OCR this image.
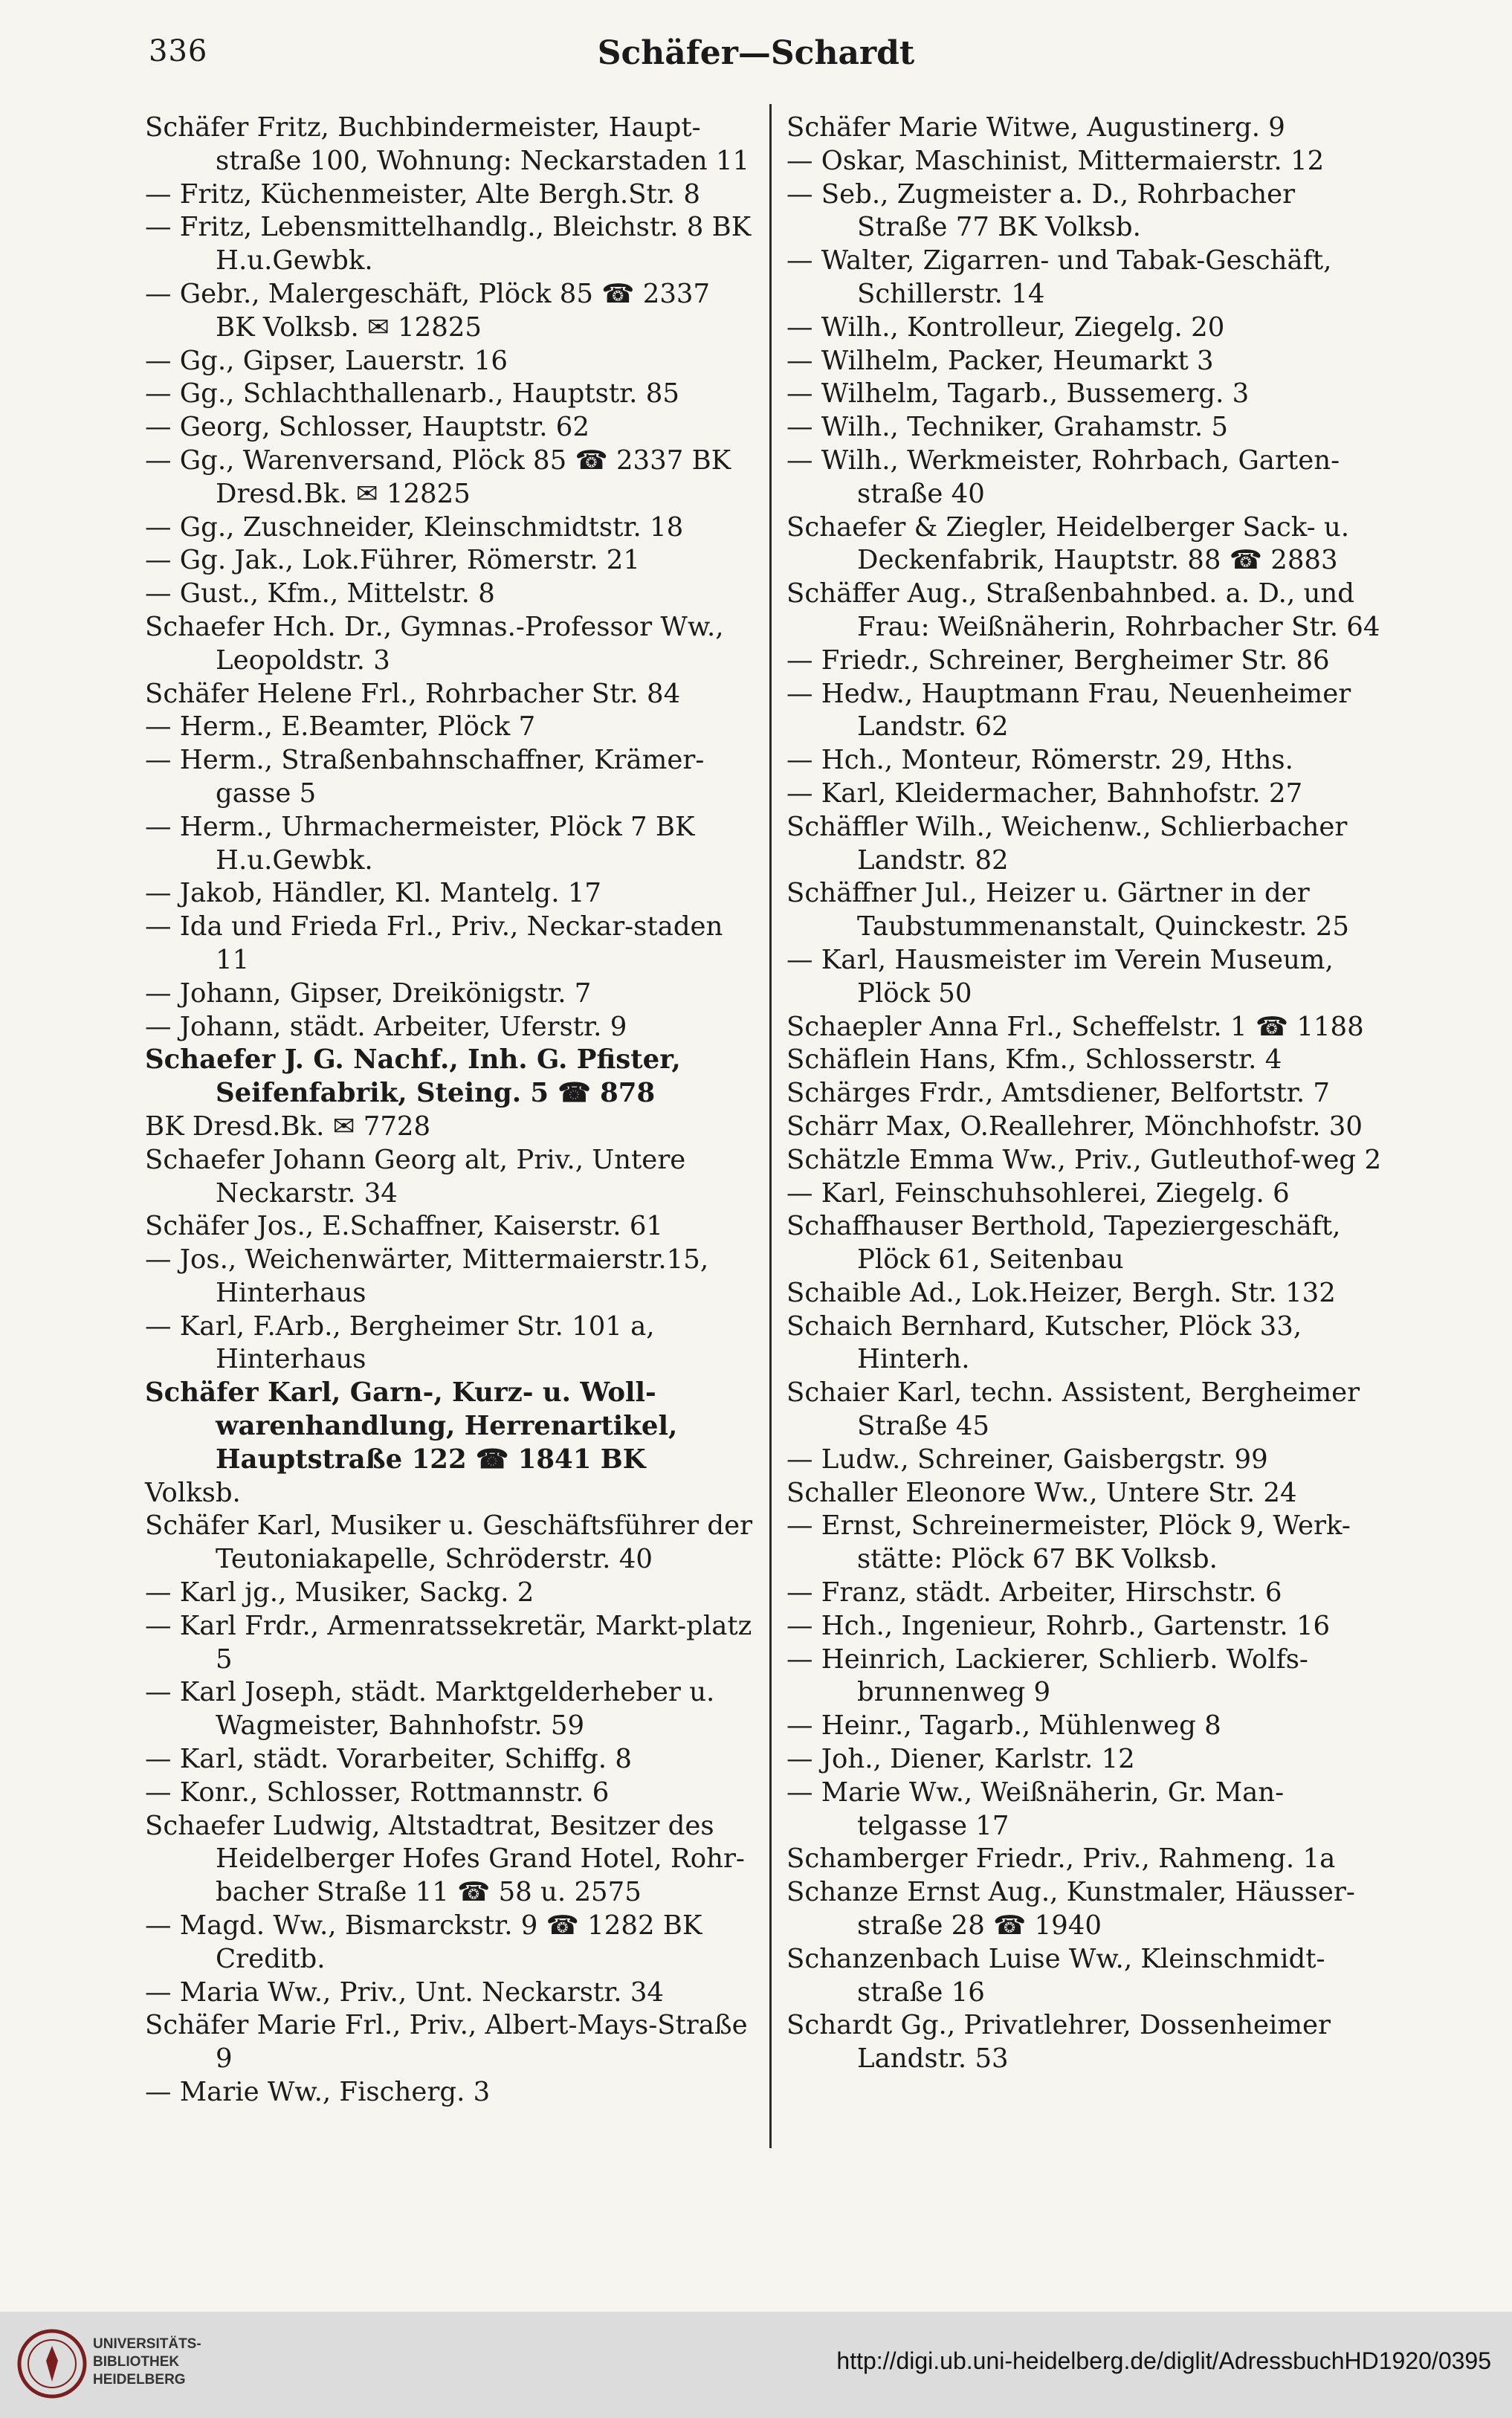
336	Schäfer—Schardt

Schäfer Fritz, Buchbindermeister, Haupt-straße 100, Wohnung: Neckarstaden 11

— Fritz, Küchenmeister, Alte Bergh.Str. 8

— Fritz, Lebensmittelhandlg., Bleichstr. 8 BK H.u.Gewbk.

— Gebr., Malergeschäft, Plöck 85 ☎ 2337 BK Volksb. ✉ 12825

— Gg., Gipser, Lauerstr. 16

— Gg., Schlachthallenarb., Hauptstr. 85

— Georg, Schlosser, Hauptstr. 62

— Gg., Warenversand, Plöck 85 ☎ 2337 BK Dresd.Bk. ✉ 12825

— Gg., Zuschneider, Kleinschmidtstr. 18

— Gg. Jak., Lok.Führer, Römerstr. 21

— Gust., Kfm., Mittelstr. 8

Schaefer Hch. Dr., Gymnas.-Professor Ww., Leopoldstr. 3

Schäfer Helene Frl., Rohrbacher Str. 84

— Herm., E.Beamter, Plöck 7

— Herm., Straßenbahnschaffner, Krämer-gasse 5

— Herm., Uhrmachermeister, Plöck 7 BK H.u.Gewbk.

— Jakob, Händler, Kl. Mantelg. 17

— Ida und Frieda Frl., Priv., Neckar-staden 11

— Johann, Gipser, Dreikönigstr. 7

— Johann, städt. Arbeiter, Uferstr. 9

Schaefer J. G. Nachf., Inh. G. Pfister, Seifenfabrik, Steing. 5 ☎ 878

BK Dresd.Bk. ✉ 7728

Schaefer Johann Georg alt, Priv., Untere Neckarstr. 34

Schäfer Jos., E.Schaffner, Kaiserstr. 61

— Jos., Weichenwärter, Mittermaierstr.15, Hinterhaus

— Karl, F.Arb., Bergheimer Str. 101 a, Hinterhaus

Schäfer Karl, Garn-, Kurz- u. Woll-warenhandlung, Herrenartikel, Hauptstraße 122 ☎ 1841 BK

Volksb.

Schäfer Karl, Musiker u. Geschäftsführer der Teutoniakapelle, Schröderstr. 40

— Karl jg., Musiker, Sackg. 2

— Karl Frdr., Armenratssekretär, Markt-platz 5

— Karl Joseph, städt. Marktgelderheber u. Wagmeister, Bahnhofstr. 59

— Karl, städt. Vorarbeiter, Schiffg. 8

— Konr., Schlosser, Rottmannstr. 6

Schaefer Ludwig, Altstadtrat, Besitzer des Heidelberger Hofes Grand Hotel, Rohr-bacher Straße 11 ☎ 58 u. 2575

— Magd. Ww., Bismarckstr. 9 ☎ 1282 BK Creditb.

— Maria Ww., Priv., Unt. Neckarstr. 34

Schäfer Marie Frl., Priv., Albert-Mays-Straße 9

— Marie Ww., Fischerg. 3

Schäfer Marie Witwe, Augustinerg. 9

— Oskar, Maschinist, Mittermaierstr. 12

— Seb., Zugmeister a. D., Rohrbacher Straße 77 BK Volksb.

— Walter, Zigarren- und Tabak-Geschäft, Schillerstr. 14

— Wilh., Kontrolleur, Ziegelg. 20

— Wilhelm, Packer, Heumarkt 3

— Wilhelm, Tagarb., Bussemerg. 3

— Wilh., Techniker, Grahamstr. 5

— Wilh., Werkmeister, Rohrbach, Garten-straße 40

Schaefer & Ziegler, Heidelberger Sack- u. Deckenfabrik, Hauptstr. 88 ☎ 2883

Schäffer Aug., Straßenbahnbed. a. D., und Frau: Weißnäherin, Rohrbacher Str. 64

— Friedr., Schreiner, Bergheimer Str. 86

— Hedw., Hauptmann Frau, Neuenheimer Landstr. 62

— Hch., Monteur, Römerstr. 29, Hths.

— Karl, Kleidermacher, Bahnhofstr. 27

Schäffler Wilh., Weichenw., Schlierbacher Landstr. 82

Schäffner Jul., Heizer u. Gärtner in der Taubstummenanstalt, Quinckestr. 25

— Karl, Hausmeister im Verein Museum, Plöck 50

Schaepler Anna Frl., Scheffelstr. 1 ☎ 1188

Schäflein Hans, Kfm., Schlosserstr. 4

Schärges Frdr., Amtsdiener, Belfortstr. 7

Schärr Max, O.Reallehrer, Mönchhofstr. 30

Schätzle Emma Ww., Priv., Gutleuthof-weg 2

— Karl, Feinschuhsohlerei, Ziegelg. 6

Schaffhauser Berthold, Tapeziergeschäft, Plöck 61, Seitenbau

Schaible Ad., Lok.Heizer, Bergh. Str. 132

Schaich Bernhard, Kutscher, Plöck 33, Hinterh.

Schaier Karl, techn. Assistent, Bergheimer Straße 45

— Ludw., Schreiner, Gaisbergstr. 99

Schaller Eleonore Ww., Untere Str. 24

— Ernst, Schreinermeister, Plöck 9, Werk-stätte: Plöck 67 BK Volksb.

— Franz, städt. Arbeiter, Hirschstr. 6

— Hch., Ingenieur, Rohrb., Gartenstr. 16

— Heinrich, Lackierer, Schlierb. Wolfs-brunnenweg 9

— Heinr., Tagarb., Mühlenweg 8

— Joh., Diener, Karlstr. 12

— Marie Ww., Weißnäherin, Gr. Man-telgasse 17

Schamberger Friedr., Priv., Rahmeng. 1a

Schanze Ernst Aug., Kunstmaler, Häusser-straße 28 ☎ 1940

Schanzenbach Luise Ww., Kleinschmidt-straße 16

Schardt Gg., Privatlehrer, Dossenheimer Landstr. 53

UNIVERSITÄTS-
BIBLIOTHEK
HEIDELBERG
http://digi.ub.uni-heidelberg.de/diglit/AdressbuchHD1920/0395
